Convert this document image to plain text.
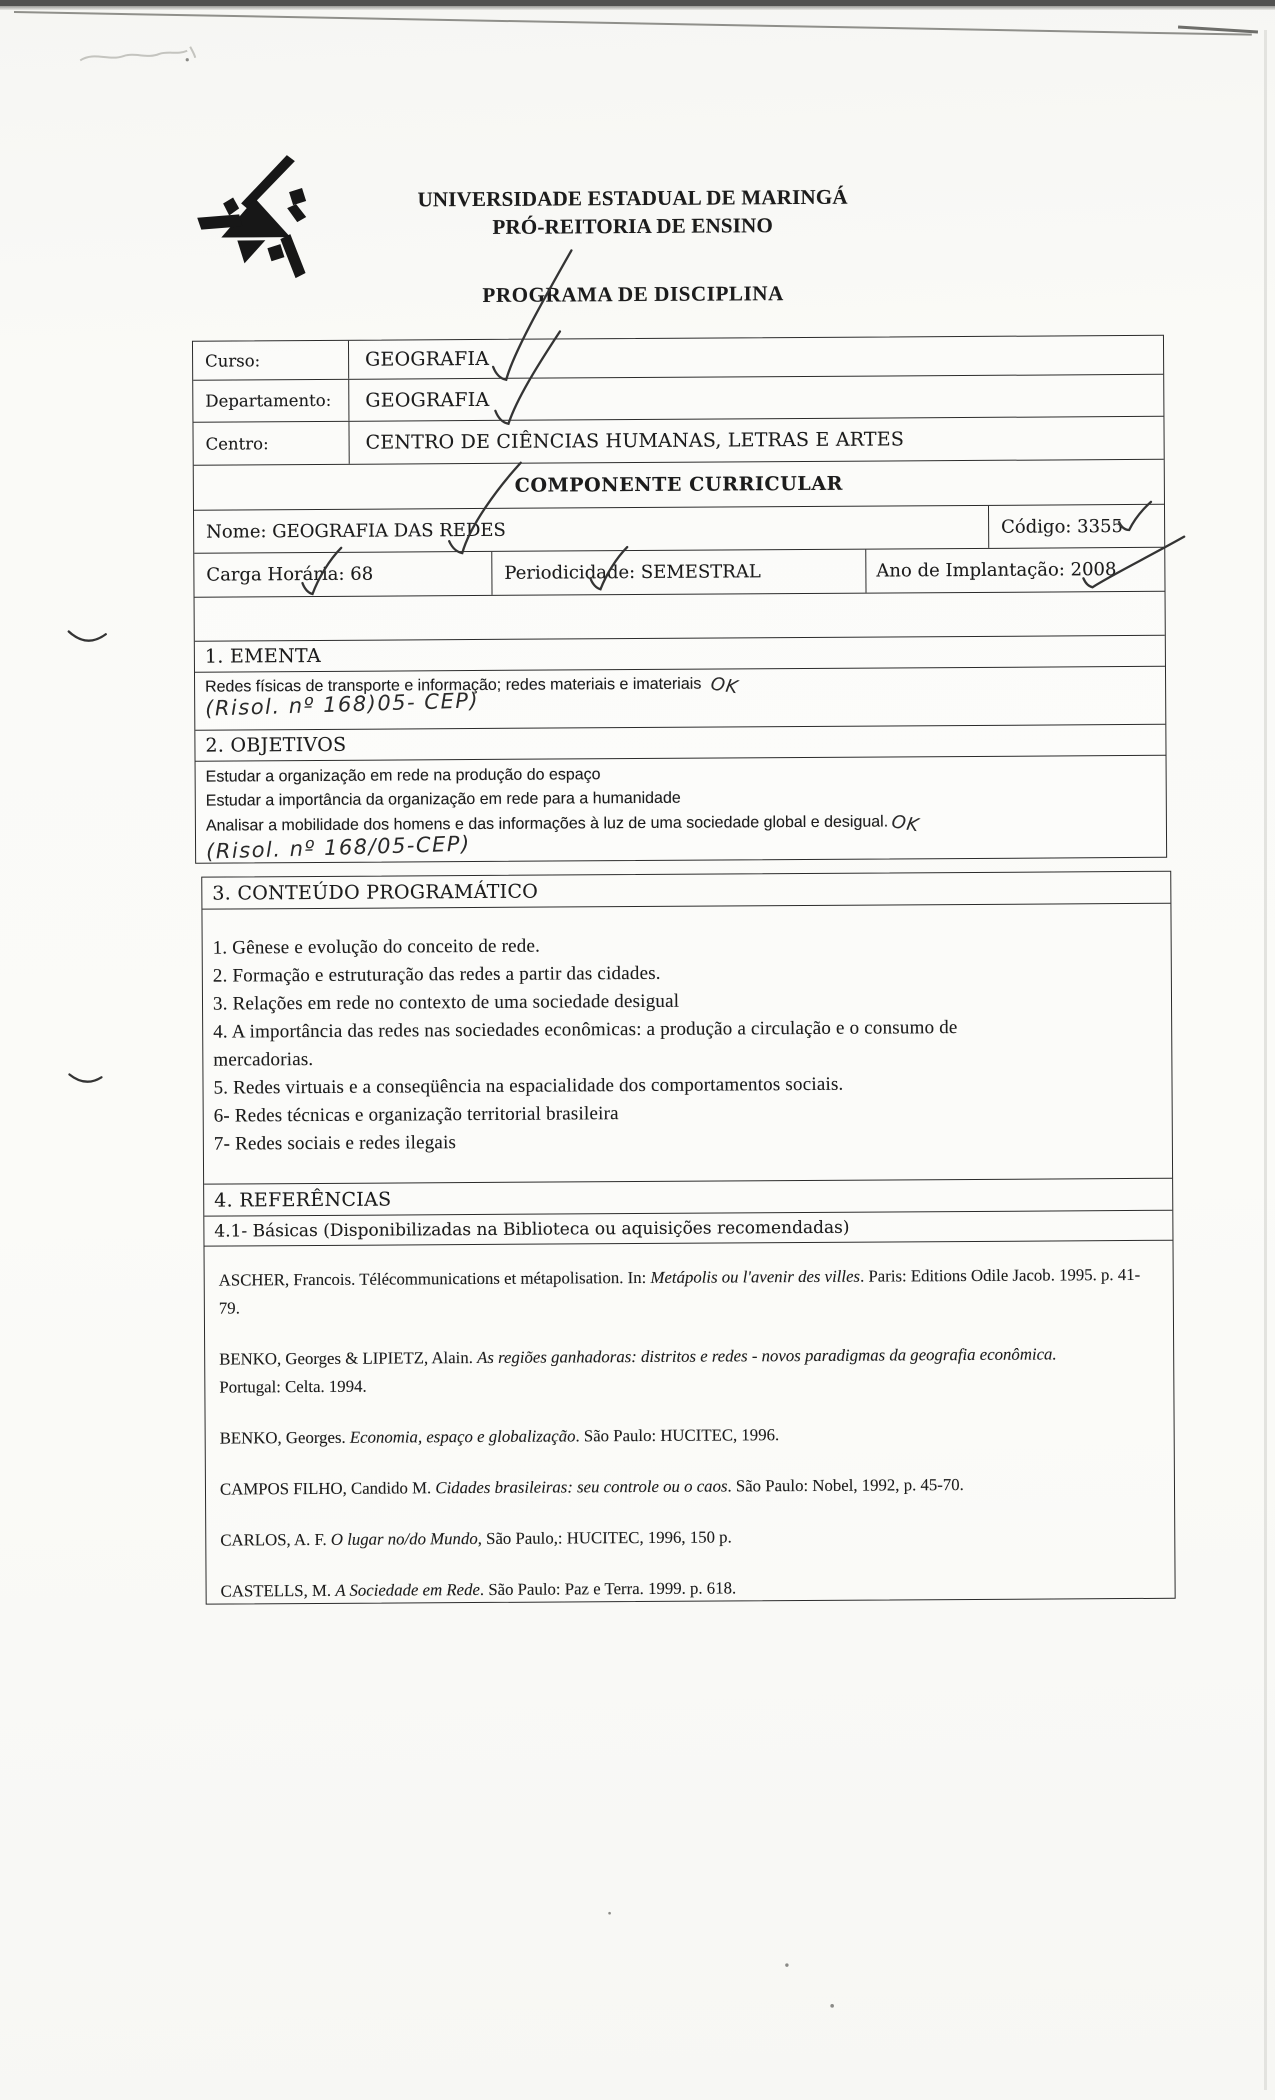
UNIVERSIDADE ESTADUAL DE MARINGÁ
PRÓ-REITORIA DE ENSINO
PROGRAMA DE DISCIPLINA
Curso:	GEOGRAFIA
Departamento:	GEOGRAFIA
Centro:	CENTRO DE CIÊNCIAS HUMANAS, LETRAS E ARTES
COMPONENTE CURRICULAR
Nome: GEOGRAFIA DAS REDES	Código: 3355
Carga Horária: 68	Periodicidade: SEMESTRAL	Ano de Implantação: 2008
1. EMENTA
Redes físicas de transporte e informação; redes materiais e imateriais OK
(Risol. nº 168)05- CEP)
2. OBJETIVOS
Estudar a organização em rede na produção do espaço
Estudar a importância da organização em rede para a humanidade
Analisar a mobilidade dos homens e das informações à luz de uma sociedade global e desigual. OK
(Risol. nº 168/05-CEP)
3. CONTEÚDO PROGRAMÁTICO
1. Gênese e evolução do conceito de rede.
2. Formação e estruturação das redes a partir das cidades.
3. Relações em rede no contexto de uma sociedade desigual
4. A importância das redes nas sociedades econômicas: a produção a circulação e o consumo de
mercadorias.
5. Redes virtuais e a conseqüência na espacialidade dos comportamentos sociais.
6- Redes técnicas e organização territorial brasileira
7- Redes sociais e redes ilegais
4. REFERÊNCIAS
4.1- Básicas (Disponibilizadas na Biblioteca ou aquisições recomendadas)
ASCHER, Francois. Télécommunications et métapolisation. In: Metápolis ou l'avenir des villes. Paris: Editions Odile Jacob. 1995. p. 41-79.
BENKO, Georges & LIPIETZ, Alain. As regiões ganhadoras: distritos e redes - novos paradigmas da geografia econômica. Portugal: Celta. 1994.
BENKO, Georges. Economia, espaço e globalização. São Paulo: HUCITEC, 1996.
CAMPOS FILHO, Candido M. Cidades brasileiras: seu controle ou o caos. São Paulo: Nobel, 1992, p. 45-70.
CARLOS, A. F. O lugar no/do Mundo, São Paulo,: HUCITEC, 1996, 150 p.
CASTELLS, M. A Sociedade em Rede. São Paulo: Paz e Terra. 1999. p. 618.
